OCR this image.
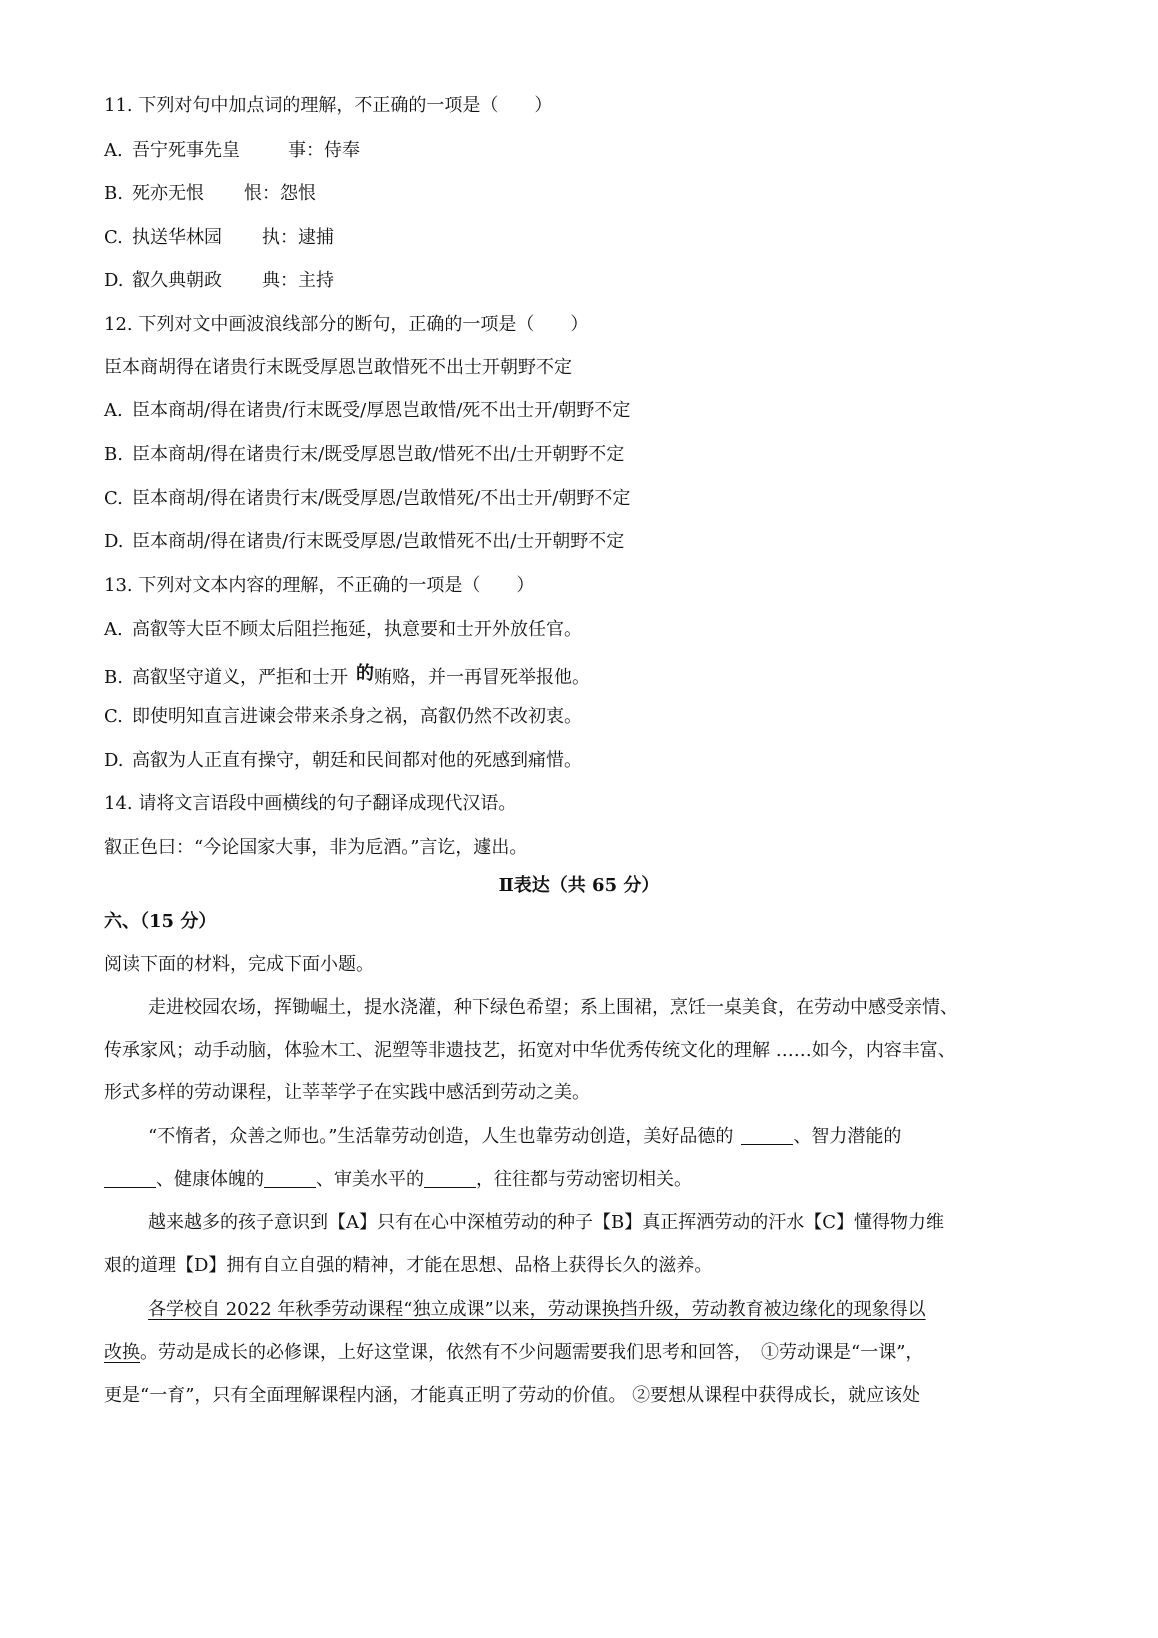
11. 下列对句中加点词的理解，不正确的一项是（　　）
A. 吾宁死事先皇	事：侍奉
B. 死亦无恨 恨：怨恨
C. 执送华林园 执：逮捕
D. 叡久典朝政 典：主持
12. 下列对文中画波浪线部分的断句，正确的一项是（　　）
臣本商胡得在诸贵行末既受厚恩岂敢惜死不出士开朝野不定
A. 臣本商胡/得在诸贵/行末既受/厚恩岂敢惜/死不出士开/朝野不定
B. 臣本商胡/得在诸贵行末/既受厚恩岂敢/惜死不出/士开朝野不定
C. 臣本商胡/得在诸贵行末/既受厚恩/岂敢惜死/不出士开/朝野不定
D. 臣本商胡/得在诸贵/行末既受厚恩/岂敢惜死不出/士开朝野不定
13. 下列对文本内容的理解，不正确的一项是（　　）
A. 高叡等大臣不顾太后阻拦拖延，执意要和士开外放任官。
B. 高叡坚守道义，严拒和士开 的贿赂，并一再冒死举报他。
C. 即使明知直言进谏会带来杀身之祸，高叡仍然不改初衷。
D. 高叡为人正直有操守，朝廷和民间都对他的死感到痛惜。
14. 请将文言语段中画横线的句子翻译成现代汉语。
叡正色曰：“今论国家大事，非为卮酒。”言讫，遽出。
Ⅱ表达（共 65 分）
六、（15 分）
阅读下面的材料，完成下面小题。
走进校园农场，挥锄崛土，提水浇灌，种下绿色希望；系上围裙，烹饪一桌美食，在劳动中感受亲情、
传承家风；动手动脑，体验木工、泥塑等非遗技艺，拓宽对中华优秀传统文化的理解 ……如今，内容丰富、
形式多样的劳动课程，让莘莘学子在实践中感活到劳动之美。
“不惰者，众善之师也。”生活靠劳动创造，人生也靠劳动创造，美好品德的	、智力潜能的
、健康体魄的	、审美水平的	，往往都与劳动密切相关。
越来越多的孩子意识到【A】只有在心中深植劳动的种子【B】真正挥洒劳动的汗水【C】懂得物力维
艰的道理【D】拥有自立自强的精神，才能在思想、品格上获得长久的滋养。
各学校自 2022 年秋季劳动课程“独立成课”以来，劳动课换挡升级，劳动教育被边缘化的现象得以
改换。劳动是成长的必修课，上好这堂课，依然有不少问题需要我们思考和回答，　①劳动课是“一课”，
更是“一育”，只有全面理解课程内涵，才能真正明了劳动的价值。 ②要想从课程中获得成长，就应该处
